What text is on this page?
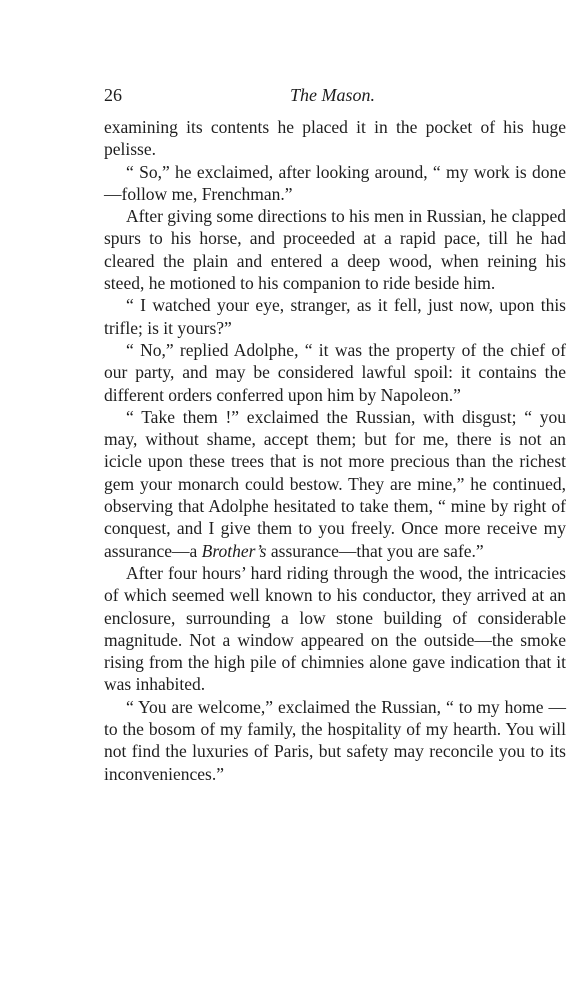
26	The Mason.

examining its contents he placed it in the pocket of his huge pelisse.

“ So,” he exclaimed, after looking around, “ my work is done—follow me, Frenchman.”

After giving some directions to his men in Russian, he clapped spurs to his horse, and proceeded at a rapid pace, till he had cleared the plain and entered a deep wood, when reining his steed, he motioned to his companion to ride beside him.

“ I watched your eye, stranger, as it fell, just now, upon this trifle; is it yours?”

“ No,” replied Adolphe, “ it was the property of the chief of our party, and may be considered lawful spoil: it contains the different orders conferred upon him by Napoleon.”

“ Take them !” exclaimed the Russian, with disgust; “ you may, without shame, accept them; but for me, there is not an icicle upon these trees that is not more precious than the richest gem your monarch could bestow. They are mine,” he continued, observing that Adolphe hesitated to take them, “ mine by right of conquest, and I give them to you freely. Once more receive my assurance—a Brother’s assurance—that you are safe.”

After four hours’ hard riding through the wood, the intricacies of which seemed well known to his conductor, they arrived at an enclosure, surrounding a low stone building of considerable magnitude. Not a window appeared on the outside—the smoke rising from the high pile of chimnies alone gave indication that it was inhabited.

“ You are welcome,” exclaimed the Russian, “ to my home —to the bosom of my family, the hospitality of my hearth. You will not find the luxuries of Paris, but safety may reconcile you to its inconveniences.”
